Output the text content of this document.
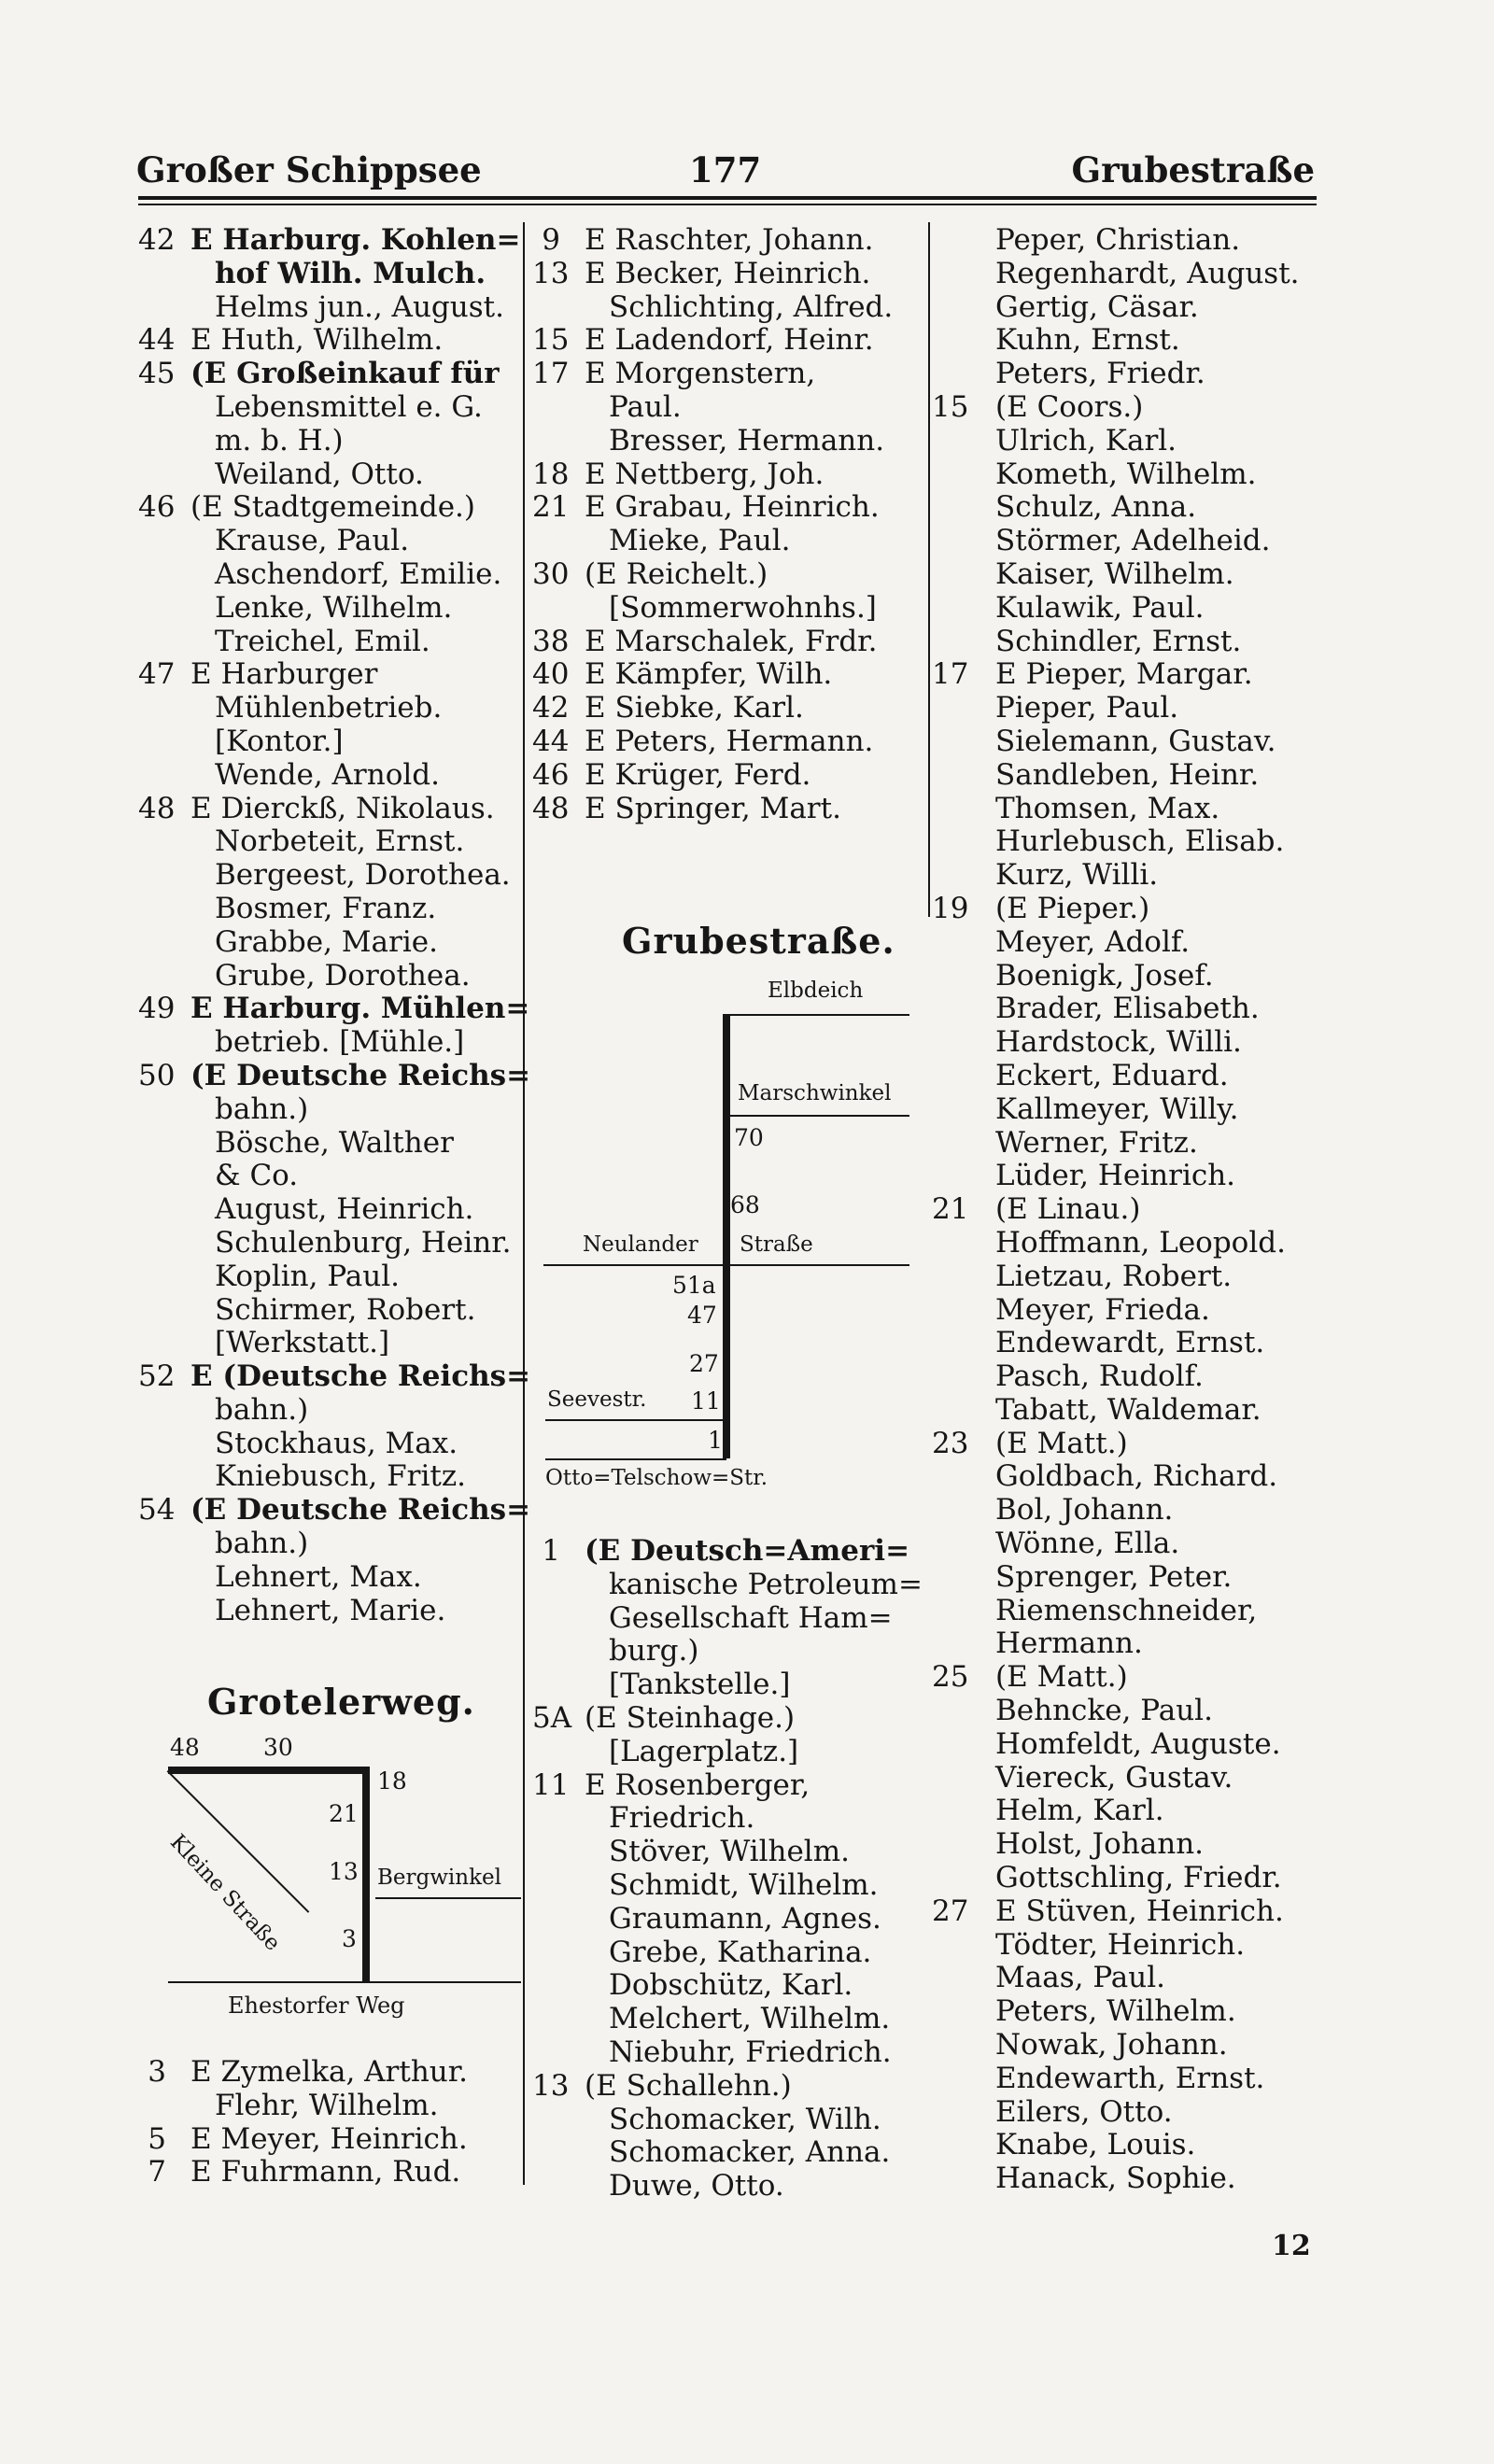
Großer Schippsee	177	Grubestraße
42 E Harburg. Kohlen=
hof Wilh. Mulch.
Helms jun., August.
44 E Huth, Wilhelm.
45 (E Großeinkauf für
Lebensmittel e. G.
m. b. H.)
Weiland, Otto.
46 (E Stadtgemeinde.)
Krause, Paul.
Aschendorf, Emilie.
Lenke, Wilhelm.
Treichel, Emil.
47 E Harburger
Mühlenbetrieb.
[Kontor.]
Wende, Arnold.
48 E Dierckß, Nikolaus.
Norbeteit, Ernst.
Bergeest, Dorothea.
Bosmer, Franz.
Grabbe, Marie.
Grube, Dorothea.
49 E Harburg. Mühlen=
betrieb. [Mühle.]
50 (E Deutsche Reichs=
bahn.)
Bösche, Walther
& Co.
August, Heinrich.
Schulenburg, Heinr.
Koplin, Paul.
Schirmer, Robert.
[Werkstatt.]
52 E (Deutsche Reichs=
bahn.)
Stockhaus, Max.
Kniebusch, Fritz.
54 (E Deutsche Reichs=
bahn.)
Lehnert, Max.
Lehnert, Marie.
Grotelerweg.
48	30
18
21
13
3
Kleine Straße	Bergwinkel
Ehestorfer Weg
3 E Zymelka, Arthur.
Flehr, Wilhelm.
5 E Meyer, Heinrich.
7 E Fuhrmann, Rud.
9 E Raschter, Johann.
13 E Becker, Heinrich.
Schlichting, Alfred.
15 E Ladendorf, Heinr.
17 E Morgenstern,
Paul.
Bresser, Hermann.
18 E Nettberg, Joh.
21 E Grabau, Heinrich.
Mieke, Paul.
30 (E Reichelt.)
[Sommerwohnhs.]
38 E Marschalek, Frdr.
40 E Kämpfer, Wilh.
42 E Siebke, Karl.
44 E Peters, Hermann.
46 E Krüger, Ferd.
48 E Springer, Mart.
Grubestraße.
Elbdeich
Marschwinkel
70
68
Neulander Straße
51a
47
27
Seevestr. 11
1
Otto=Telschow=Str.
1 (E Deutsch=Ameri=
kanische Petroleum=
Gesellschaft Ham=
burg.)
[Tankstelle.]
5A (E Steinhage.)
[Lagerplatz.]
11 E Rosenberger,
Friedrich.
Stöver, Wilhelm.
Schmidt, Wilhelm.
Graumann, Agnes.
Grebe, Katharina.
Dobschütz, Karl.
Melchert, Wilhelm.
Niebuhr, Friedrich.
13 (E Schallehn.)
Schomacker, Wilh.
Schomacker, Anna.
Duwe, Otto.
Peper, Christian.
Regenhardt, August.
Gertig, Cäsar.
Kuhn, Ernst.
Peters, Friedr.
15 (E Coors.)
Ulrich, Karl.
Kometh, Wilhelm.
Schulz, Anna.
Störmer, Adelheid.
Kaiser, Wilhelm.
Kulawik, Paul.
Schindler, Ernst.
17 E Pieper, Margar.
Pieper, Paul.
Sielemann, Gustav.
Sandleben, Heinr.
Thomsen, Max.
Hurlebusch, Elisab.
Kurz, Willi.
19 (E Pieper.)
Meyer, Adolf.
Boenigk, Josef.
Brader, Elisabeth.
Hardstock, Willi.
Eckert, Eduard.
Kallmeyer, Willy.
Werner, Fritz.
Lüder, Heinrich.
21 (E Linau.)
Hoffmann, Leopold.
Lietzau, Robert.
Meyer, Frieda.
Endewardt, Ernst.
Pasch, Rudolf.
Tabatt, Waldemar.
23 (E Matt.)
Goldbach, Richard.
Bol, Johann.
Wönne, Ella.
Sprenger, Peter.
Riemenschneider,
Hermann.
25 (E Matt.)
Behncke, Paul.
Homfeldt, Auguste.
Viereck, Gustav.
Helm, Karl.
Holst, Johann.
Gottschling, Friedr.
27 E Stüven, Heinrich.
Tödter, Heinrich.
Maas, Paul.
Peters, Wilhelm.
Nowak, Johann.
Endewarth, Ernst.
Eilers, Otto.
Knabe, Louis.
Hanack, Sophie.
12
